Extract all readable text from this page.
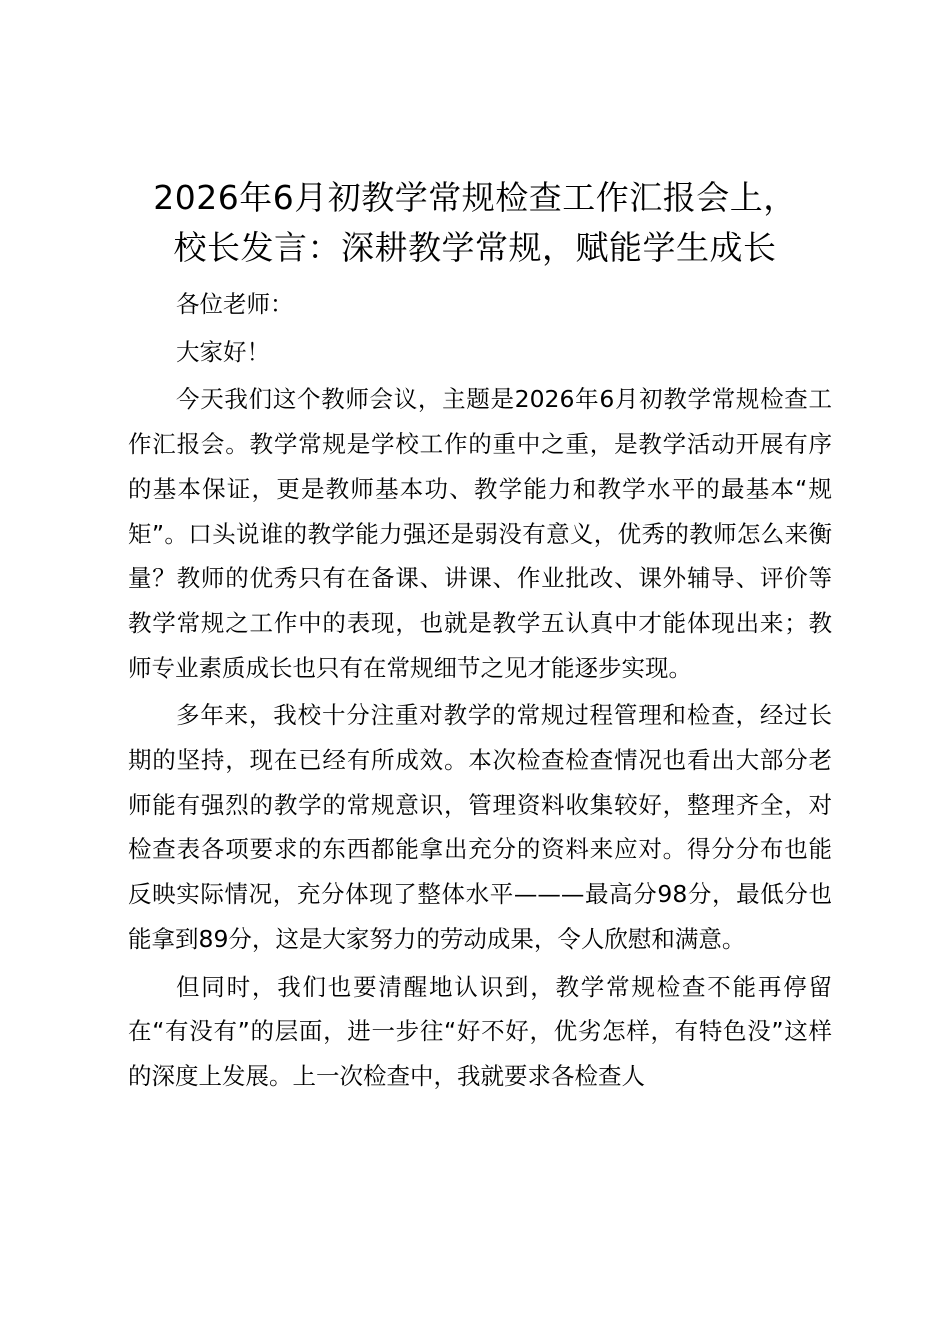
2026年6月初教学常规检查工作汇报会上，
校长发言：深耕教学常规，赋能学生成长

各位老师：

大家好！

今天我们这个教师会议，主题是2026年6月初教学常规检查工作汇报会。教学常规是学校工作的重中之重，是教学活动开展有序的基本保证，更是教师基本功、教学能力和教学水平的最基本“规矩”。口头说谁的教学能力强还是弱没有意义，优秀的教师怎么来衡量？教师的优秀只有在备课、讲课、作业批改、课外辅导、评价等教学常规之工作中的表现，也就是教学五认真中才能体现出来；教师专业素质成长也只有在常规细节之见才能逐步实现。

多年来，我校十分注重对教学的常规过程管理和检查，经过长期的坚持，现在已经有所成效。本次检查检查情况也看出大部分老师能有强烈的教学的常规意识，管理资料收集较好，整理齐全，对检查表各项要求的东西都能拿出充分的资料来应对。得分分布也能反映实际情况，充分体现了整体水平———最高分98分，最低分也能拿到89分，这是大家努力的劳动成果，令人欣慰和满意。

但同时，我们也要清醒地认识到，教学常规检查不能再停留在“有没有”的层面，进一步往“好不好，优劣怎样，有特色没”这样的深度上发展。上一次检查中，我就要求各检查人
